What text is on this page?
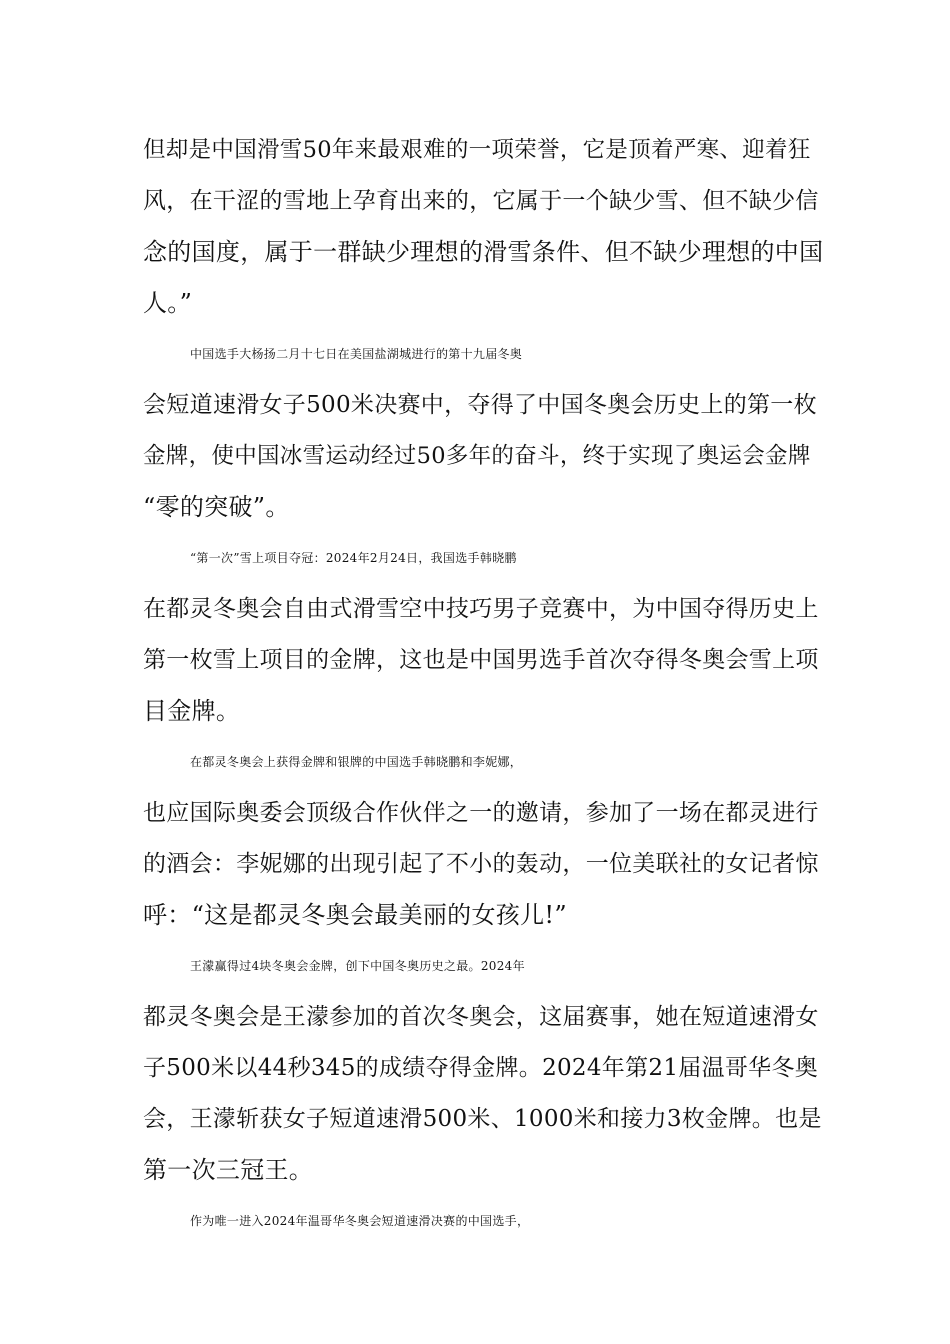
但却是中国滑雪50年来最艰难的一项荣誉，它是顶着严寒、迎着狂
风，在干涩的雪地上孕育出来的，它属于一个缺少雪、但不缺少信
念的国度，属于一群缺少理想的滑雪条件、但不缺少理想的中国
人。”
中国选手大杨扬二月十七日在美国盐湖城进行的第十九届冬奥
会短道速滑女子500米决赛中，夺得了中国冬奥会历史上的第一枚
金牌，使中国冰雪运动经过50多年的奋斗，终于实现了奥运会金牌
“零的突破”。
“第一次”雪上项目夺冠：2024年2月24日，我国选手韩晓鹏
在都灵冬奥会自由式滑雪空中技巧男子竞赛中，为中国夺得历史上
第一枚雪上项目的金牌，这也是中国男选手首次夺得冬奥会雪上项
目金牌。
在都灵冬奥会上获得金牌和银牌的中国选手韩晓鹏和李妮娜，
也应国际奥委会顶级合作伙伴之一的邀请，参加了一场在都灵进行
的酒会：李妮娜的出现引起了不小的轰动，一位美联社的女记者惊
呼：“这是都灵冬奥会最美丽的女孩儿!”
王濛赢得过4块冬奥会金牌，创下中国冬奥历史之最。2024年
都灵冬奥会是王濛参加的首次冬奥会，这届赛事，她在短道速滑女
子500米以44秒345的成绩夺得金牌。2024年第21届温哥华冬奥
会，王濛斩获女子短道速滑500米、1000米和接力3枚金牌。也是
第一次三冠王。
作为唯一进入2024年温哥华冬奥会短道速滑决赛的中国选手，
